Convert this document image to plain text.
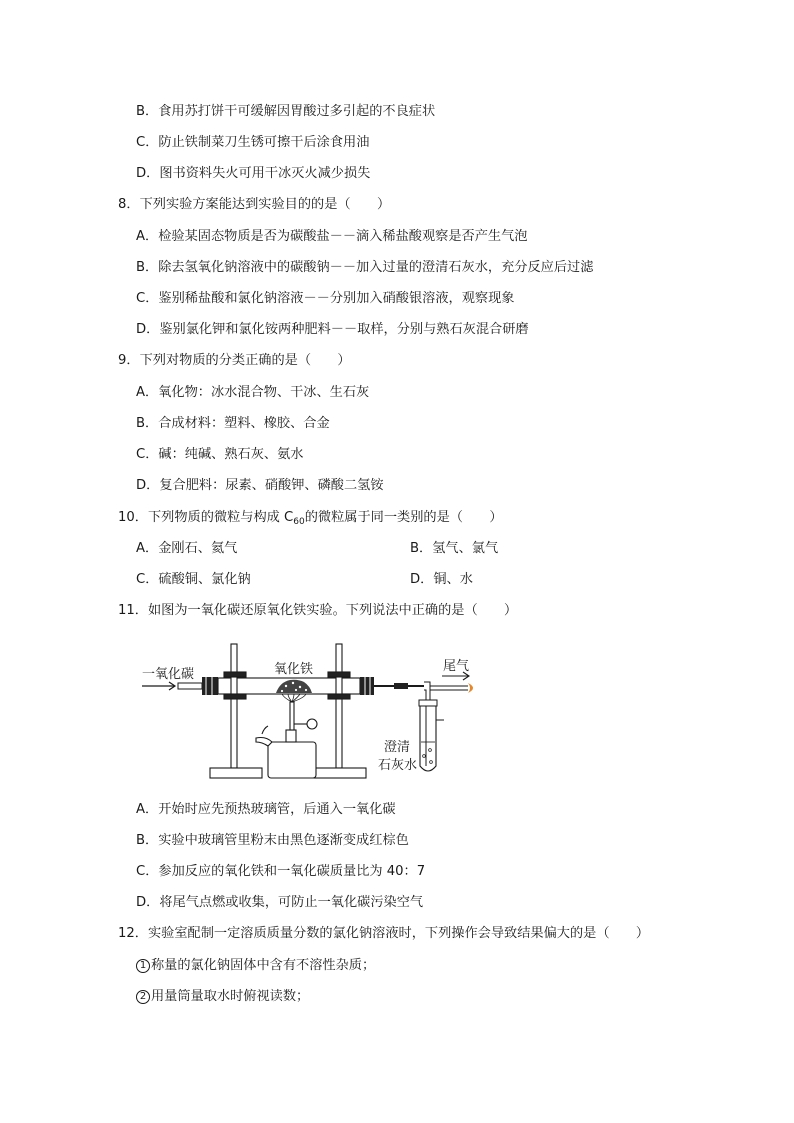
B．食用苏打饼干可缓解因胃酸过多引起的不良症状
C．防止铁制菜刀生锈可擦干后涂食用油
D．图书资料失火可用干冰灭火减少损失
8．下列实验方案能达到实验目的的是（　　）
A．检验某固态物质是否为碳酸盐－－滴入稀盐酸观察是否产生气泡
B．除去氢氧化钠溶液中的碳酸钠－－加入过量的澄清石灰水，充分反应后过滤
C．鉴别稀盐酸和氯化钠溶液－－分别加入硝酸银溶液，观察现象
D．鉴别氯化钾和氯化铵两种肥料－－取样，分别与熟石灰混合研磨
9．下列对物质的分类正确的是（　　）
A．氧化物：冰水混合物、干冰、生石灰
B．合成材料：塑料、橡胶、合金
C．碱：纯碱、熟石灰、氨水
D．复合肥料：尿素、硝酸钾、磷酸二氢铵
10．下列物质的微粒与构成 $C_{60}$的微粒属于同一类别的是（　　）
A．金刚石、氦气	B．氢气、氯气
C．硫酸铜、氯化钠	D．铜、水
11．如图为一氧化碳还原氧化铁实验。下列说法中正确的是（　　）
一氧化碳	氧化铁	尾气
澄清
石灰水
A．开始时应先预热玻璃管，后通入一氧化碳
B．实验中玻璃管里粉末由黑色逐渐变成红棕色
C．参加反应的氧化铁和一氧化碳质量比为 40：7
D．将尾气点燃或收集，可防止一氧化碳污染空气
12．实验室配制一定溶质质量分数的氯化钠溶液时，下列操作会导致结果偏大的是（　　）
1 称量的氯化钠固体中含有不溶性杂质；
2 用量筒量取水时俯视读数；
